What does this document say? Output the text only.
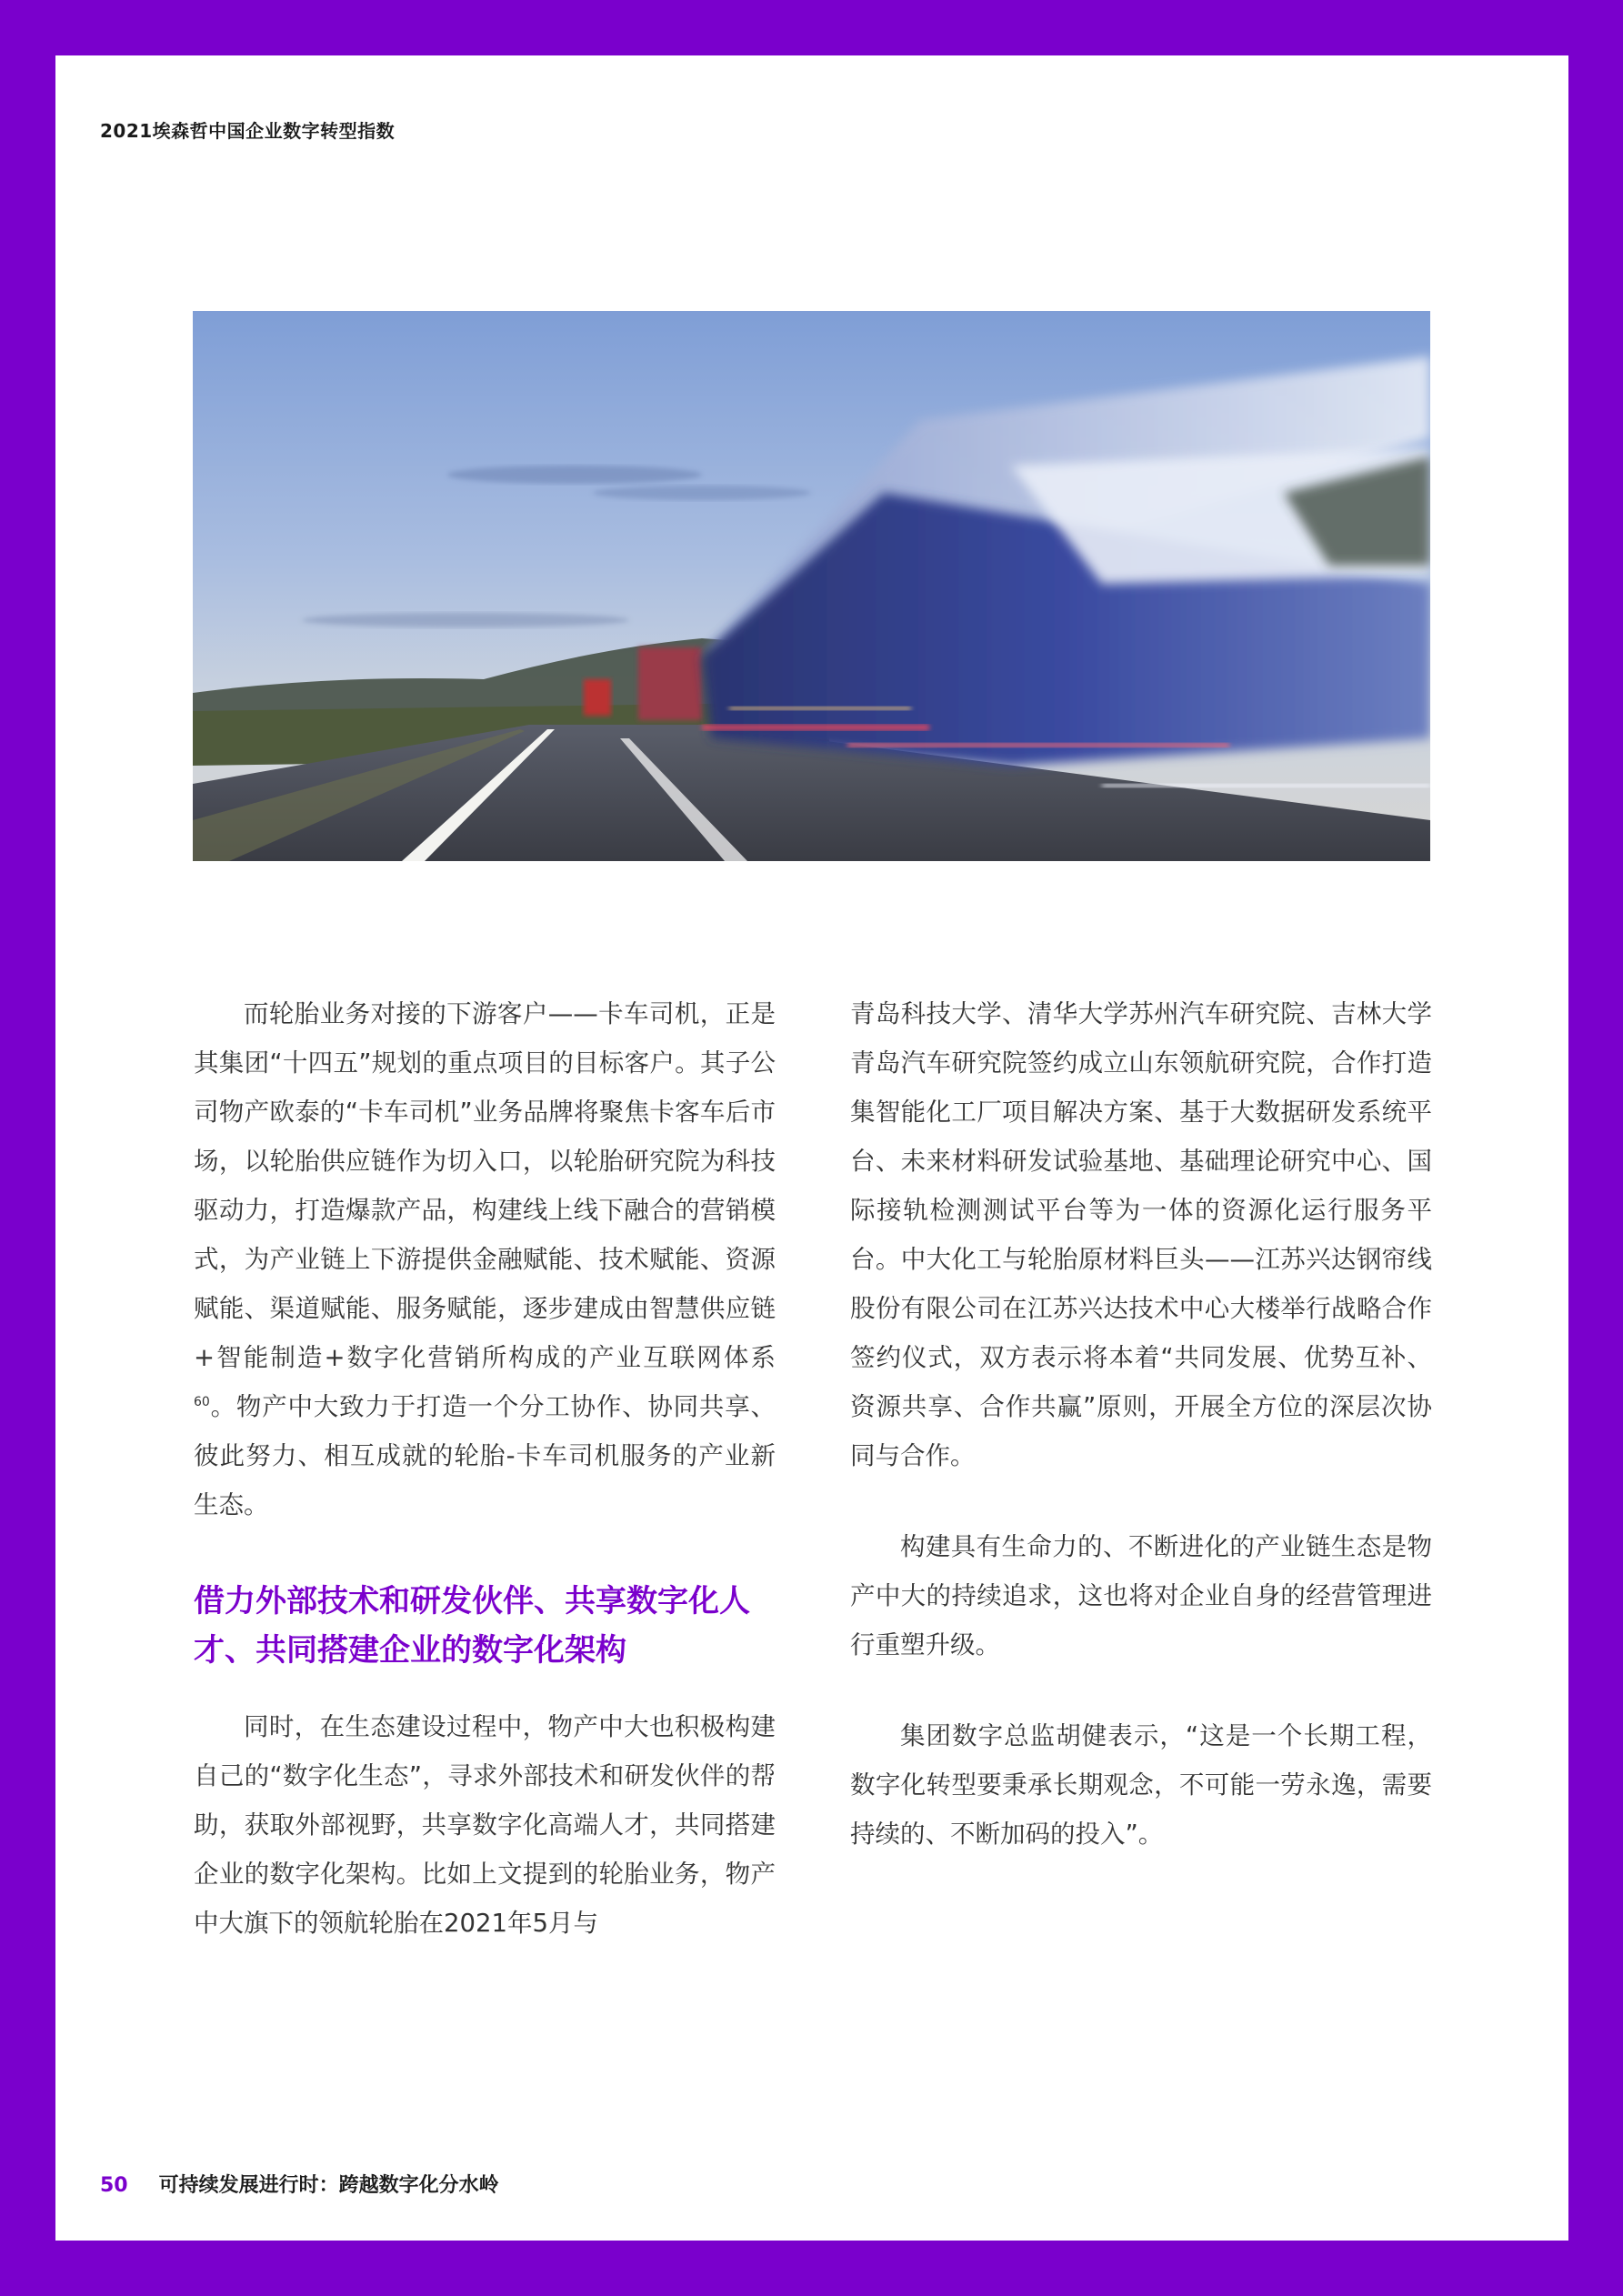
2021埃森哲中国企业数字转型指数

而轮胎业务对接的下游客户——卡车司机，正是其集团“十四五”规划的重点项目的目标客户。其子公司物产欧泰的“卡车司机”业务品牌将聚焦卡客车后市场，以轮胎供应链作为切入口，以轮胎研究院为科技驱动力，打造爆款产品，构建线上线下融合的营销模式，为产业链上下游提供金融赋能、技术赋能、资源赋能、渠道赋能、服务赋能，逐步建成由智慧供应链+智能制造+数字化营销所构成的产业互联网体系$^{60}$。物产中大致力于打造一个分工协作、协同共享、彼此努力、相互成就的轮胎-卡车司机服务的产业新生态。

借力外部技术和研发伙伴、共享数字化人才、共同搭建企业的数字化架构

同时，在生态建设过程中，物产中大也积极构建自己的“数字化生态”，寻求外部技术和研发伙伴的帮助，获取外部视野，共享数字化高端人才，共同搭建企业的数字化架构。比如上文提到的轮胎业务，物产中大旗下的领航轮胎在2021年5月与

青岛科技大学、清华大学苏州汽车研究院、吉林大学青岛汽车研究院签约成立山东领航研究院，合作打造集智能化工厂项目解决方案、基于大数据研发系统平台、未来材料研发试验基地、基础理论研究中心、国际接轨检测测试平台等为一体的资源化运行服务平台。中大化工与轮胎原材料巨头——江苏兴达钢帘线股份有限公司在江苏兴达技术中心大楼举行战略合作签约仪式，双方表示将本着“共同发展、优势互补、资源共享、合作共赢”原则，开展全方位的深层次协同与合作。

构建具有生命力的、不断进化的产业链生态是物产中大的持续追求，这也将对企业自身的经营管理进行重塑升级。

集团数字总监胡健表示，“这是一个长期工程，数字化转型要秉承长期观念，不可能一劳永逸，需要持续的、不断加码的投入”。

50 可持续发展进行时：跨越数字化分水岭
